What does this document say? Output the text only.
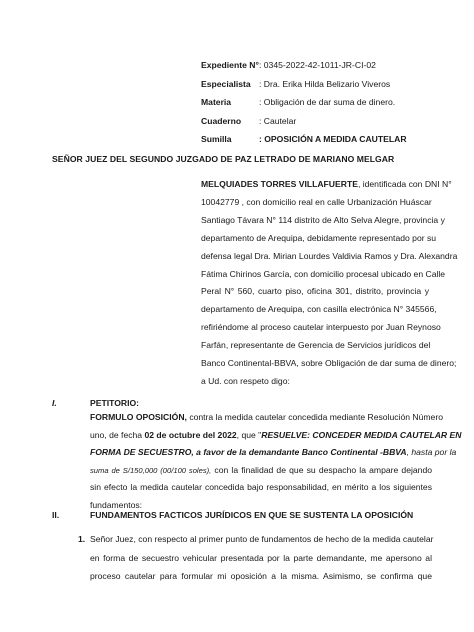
Expediente N° : 0345-2022-42-1011-JR-CI-02
Especialista : Dra. Erika Hilda Belizario Viveros
Materia	: Obligación de dar suma de dinero.
Cuaderno	: Cautelar
Sumilla	: OPOSICIÓN A MEDIDA CAUTELAR
SEÑOR JUEZ DEL SEGUNDO JUZGADO DE PAZ LETRADO DE MARIANO MELGAR
MELQUIADES TORRES VILLAFUERTE, identificada con DNI N°
10042779 , con domicilio real en calle Urbanización Huáscar
Santiago Távara N° 114 distrito de Alto Selva Alegre, provincia y
departamento de Arequipa, debidamente representado por su
defensa legal Dra. Mirian Lourdes Valdivia Ramos y Dra. Alexandra
Fátima Chirinos García, con domicilio procesal ubicado en Calle
Peral N° 560, cuarto piso, oficina 301, distrito, provincia y
departamento de Arequipa, con casilla electrónica N° 345566,
refiriéndome al proceso cautelar interpuesto por Juan Reynoso
Farfán, representante de Gerencia de Servicios jurídicos del
Banco Continental-BBVA, sobre Obligación de dar suma de dinero;
a Ud. con respeto digo:
I.	PETITORIO:
FORMULO OPOSICIÓN, contra la medida cautelar concedida mediante Resolución Número
uno, de fecha 02 de octubre del 2022, que "RESUELVE: CONCEDER MEDIDA CAUTELAR EN
FORMA DE SECUESTRO, a favor de la demandante Banco Continental -BBVA, hasta por la
suma de S/150,000 (00/100 soles), con la finalidad de que su despacho la ampare dejando
sin efecto la medida cautelar concedida bajo responsabilidad, en mérito a los siguientes
fundamentos:
II.	FUNDAMENTOS FACTICOS JURÍDICOS EN QUE SE SUSTENTA LA OPOSICIÓN
1. Señor Juez, con respecto al primer punto de fundamentos de hecho de la medida cautelar
en forma de secuestro vehicular presentada por la parte demandante, me apersono al
proceso cautelar para formular mi oposición a la misma. Asimismo, se confirma que
